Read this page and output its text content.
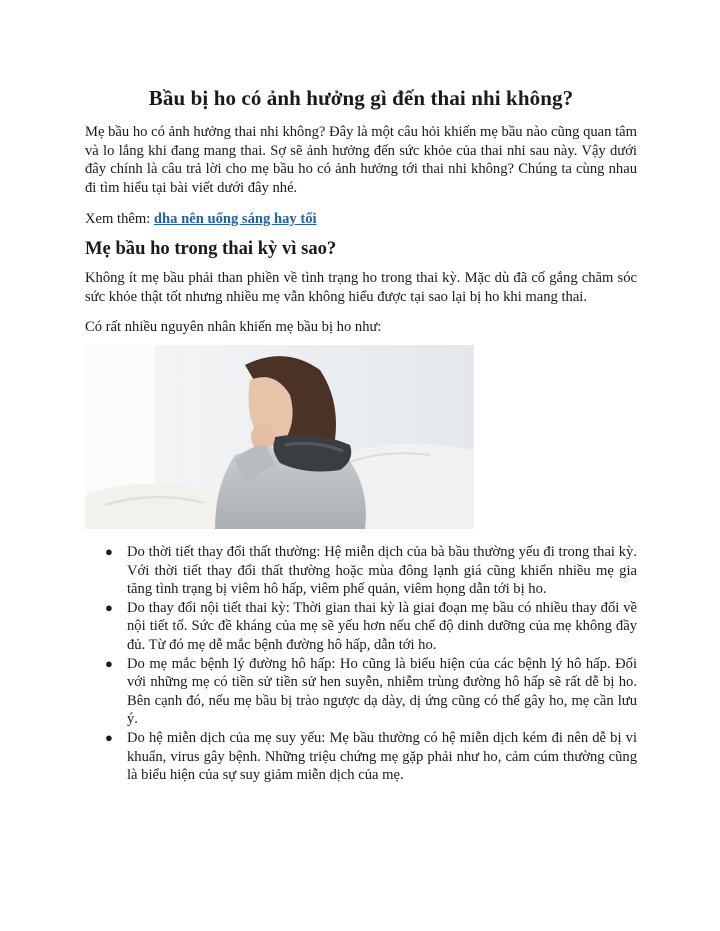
Bầu bị ho có ảnh hưởng gì đến thai nhi không?

Mẹ bầu ho có ảnh hưởng thai nhi không? Đây là một câu hỏi khiến mẹ bầu nào cũng quan tâm và lo lắng khi đang mang thai. Sợ sẽ ảnh hưởng đến sức khỏe của thai nhi sau này. Vậy dưới đây chính là câu trả lời cho mẹ bầu ho có ảnh hưởng tới thai nhi không? Chúng ta cùng nhau đi tìm hiểu tại bài viết dưới đây nhé.

Xem thêm: dha nên uống sáng hay tối

Mẹ bầu ho trong thai kỳ vì sao?

Không ít mẹ bầu phải than phiền về tình trạng ho trong thai kỳ. Mặc dù đã cố gắng chăm sóc sức khỏe thật tốt nhưng nhiều mẹ vẫn không hiểu được tại sao lại bị ho khi mang thai.

Có rất nhiều nguyên nhân khiến mẹ bầu bị ho như:

● Do thời tiết thay đổi thất thường: Hệ miễn dịch của bà bầu thường yếu đi trong thai kỳ. Với thời tiết thay đổi thất thường hoặc mùa đông lạnh giá cũng khiến nhiều mẹ gia tăng tình trạng bị viêm hô hấp, viêm phế quản, viêm họng dẫn tới bị ho.
● Do thay đổi nội tiết thai kỳ: Thời gian thai kỳ là giai đoạn mẹ bầu có nhiều thay đổi về nội tiết tố. Sức đề kháng của mẹ sẽ yếu hơn nếu chế độ dinh dưỡng của mẹ không đầy đủ. Từ đó mẹ dễ mắc bệnh đường hô hấp, dẫn tới ho.
● Do mẹ mắc bệnh lý đường hô hấp: Ho cũng là biểu hiện của các bệnh lý hô hấp. Đối với những mẹ có tiền sử tiền sử hen suyễn, nhiễm trùng đường hô hấp sẽ rất dễ bị ho. Bên cạnh đó, nếu mẹ bầu bị trào ngược dạ dày, dị ứng cũng có thể gây ho, mẹ cần lưu ý.
● Do hệ miễn dịch của mẹ suy yếu: Mẹ bầu thường có hệ miễn dịch kém đi nên dễ bị vi khuẩn, virus gây bệnh. Những triệu chứng mẹ gặp phải như ho, cảm cúm thường cũng là biểu hiện của sự suy giảm miễn dịch của mẹ.
